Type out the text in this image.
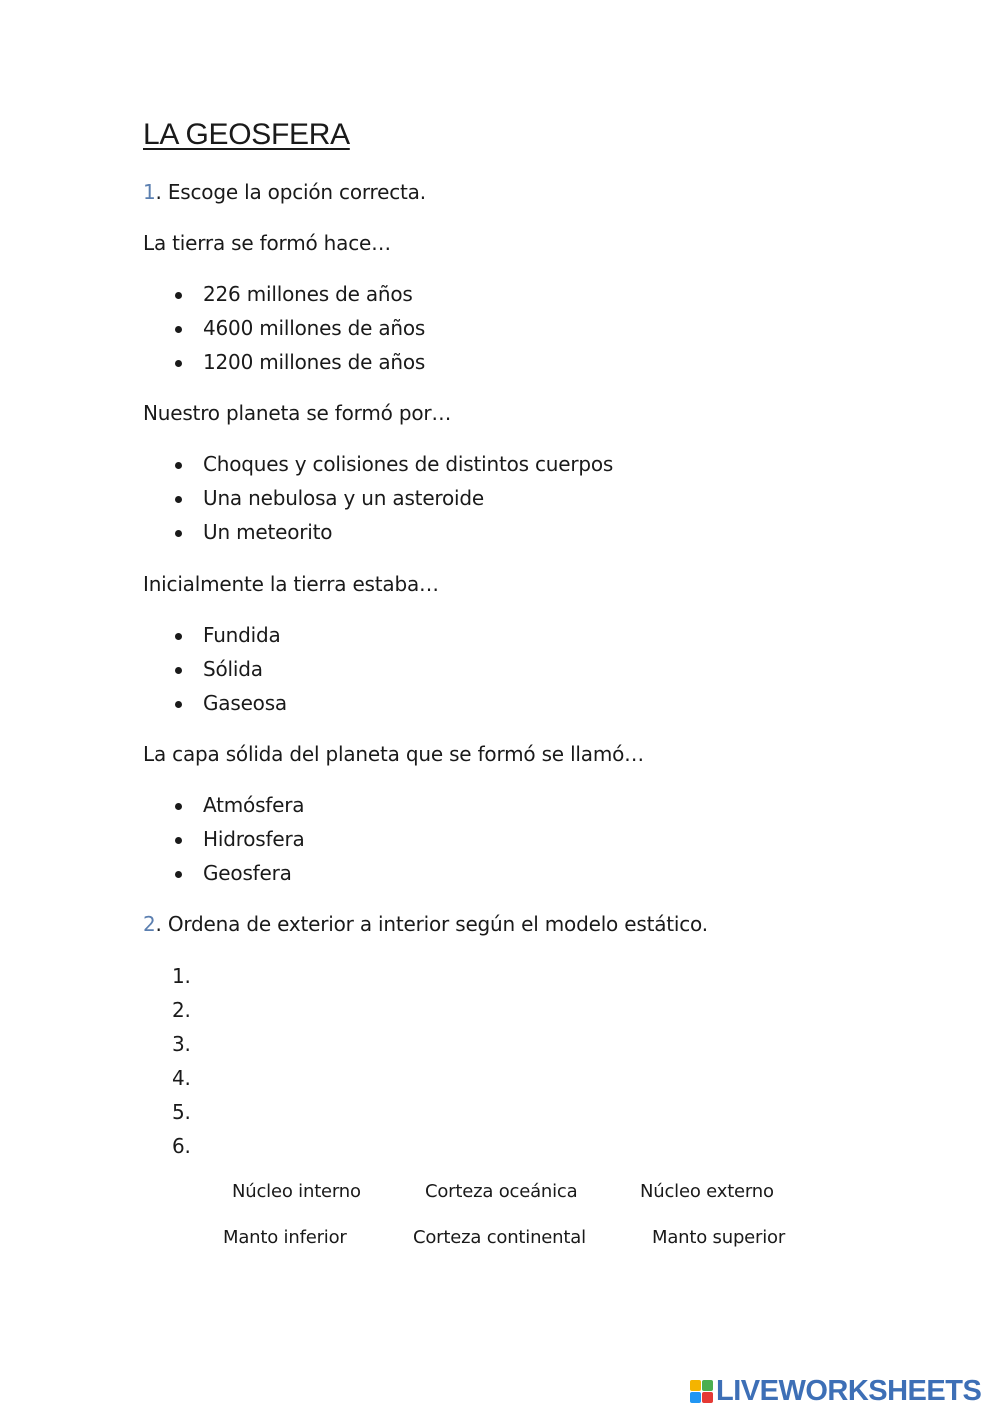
LA GEOSFERA
1. Escoge la opción correcta.
La tierra se formó hace…
226 millones de años
4600 millones de años
1200 millones de años
Nuestro planeta se formó por…
Choques y colisiones de distintos cuerpos
Una nebulosa y un asteroide
Un meteorito
Inicialmente la tierra estaba…
Fundida
Sólida
Gaseosa
La capa sólida del planeta que se formó se llamó…
Atmósfera
Hidrosfera
Geosfera
2. Ordena de exterior a interior según el modelo estático.
1.
2.
3.
4.
5.
6.
Núcleo interno	Corteza oceánica	Núcleo externo
Manto inferior	Corteza continental	Manto superior
LIVEWORKSHEETS
